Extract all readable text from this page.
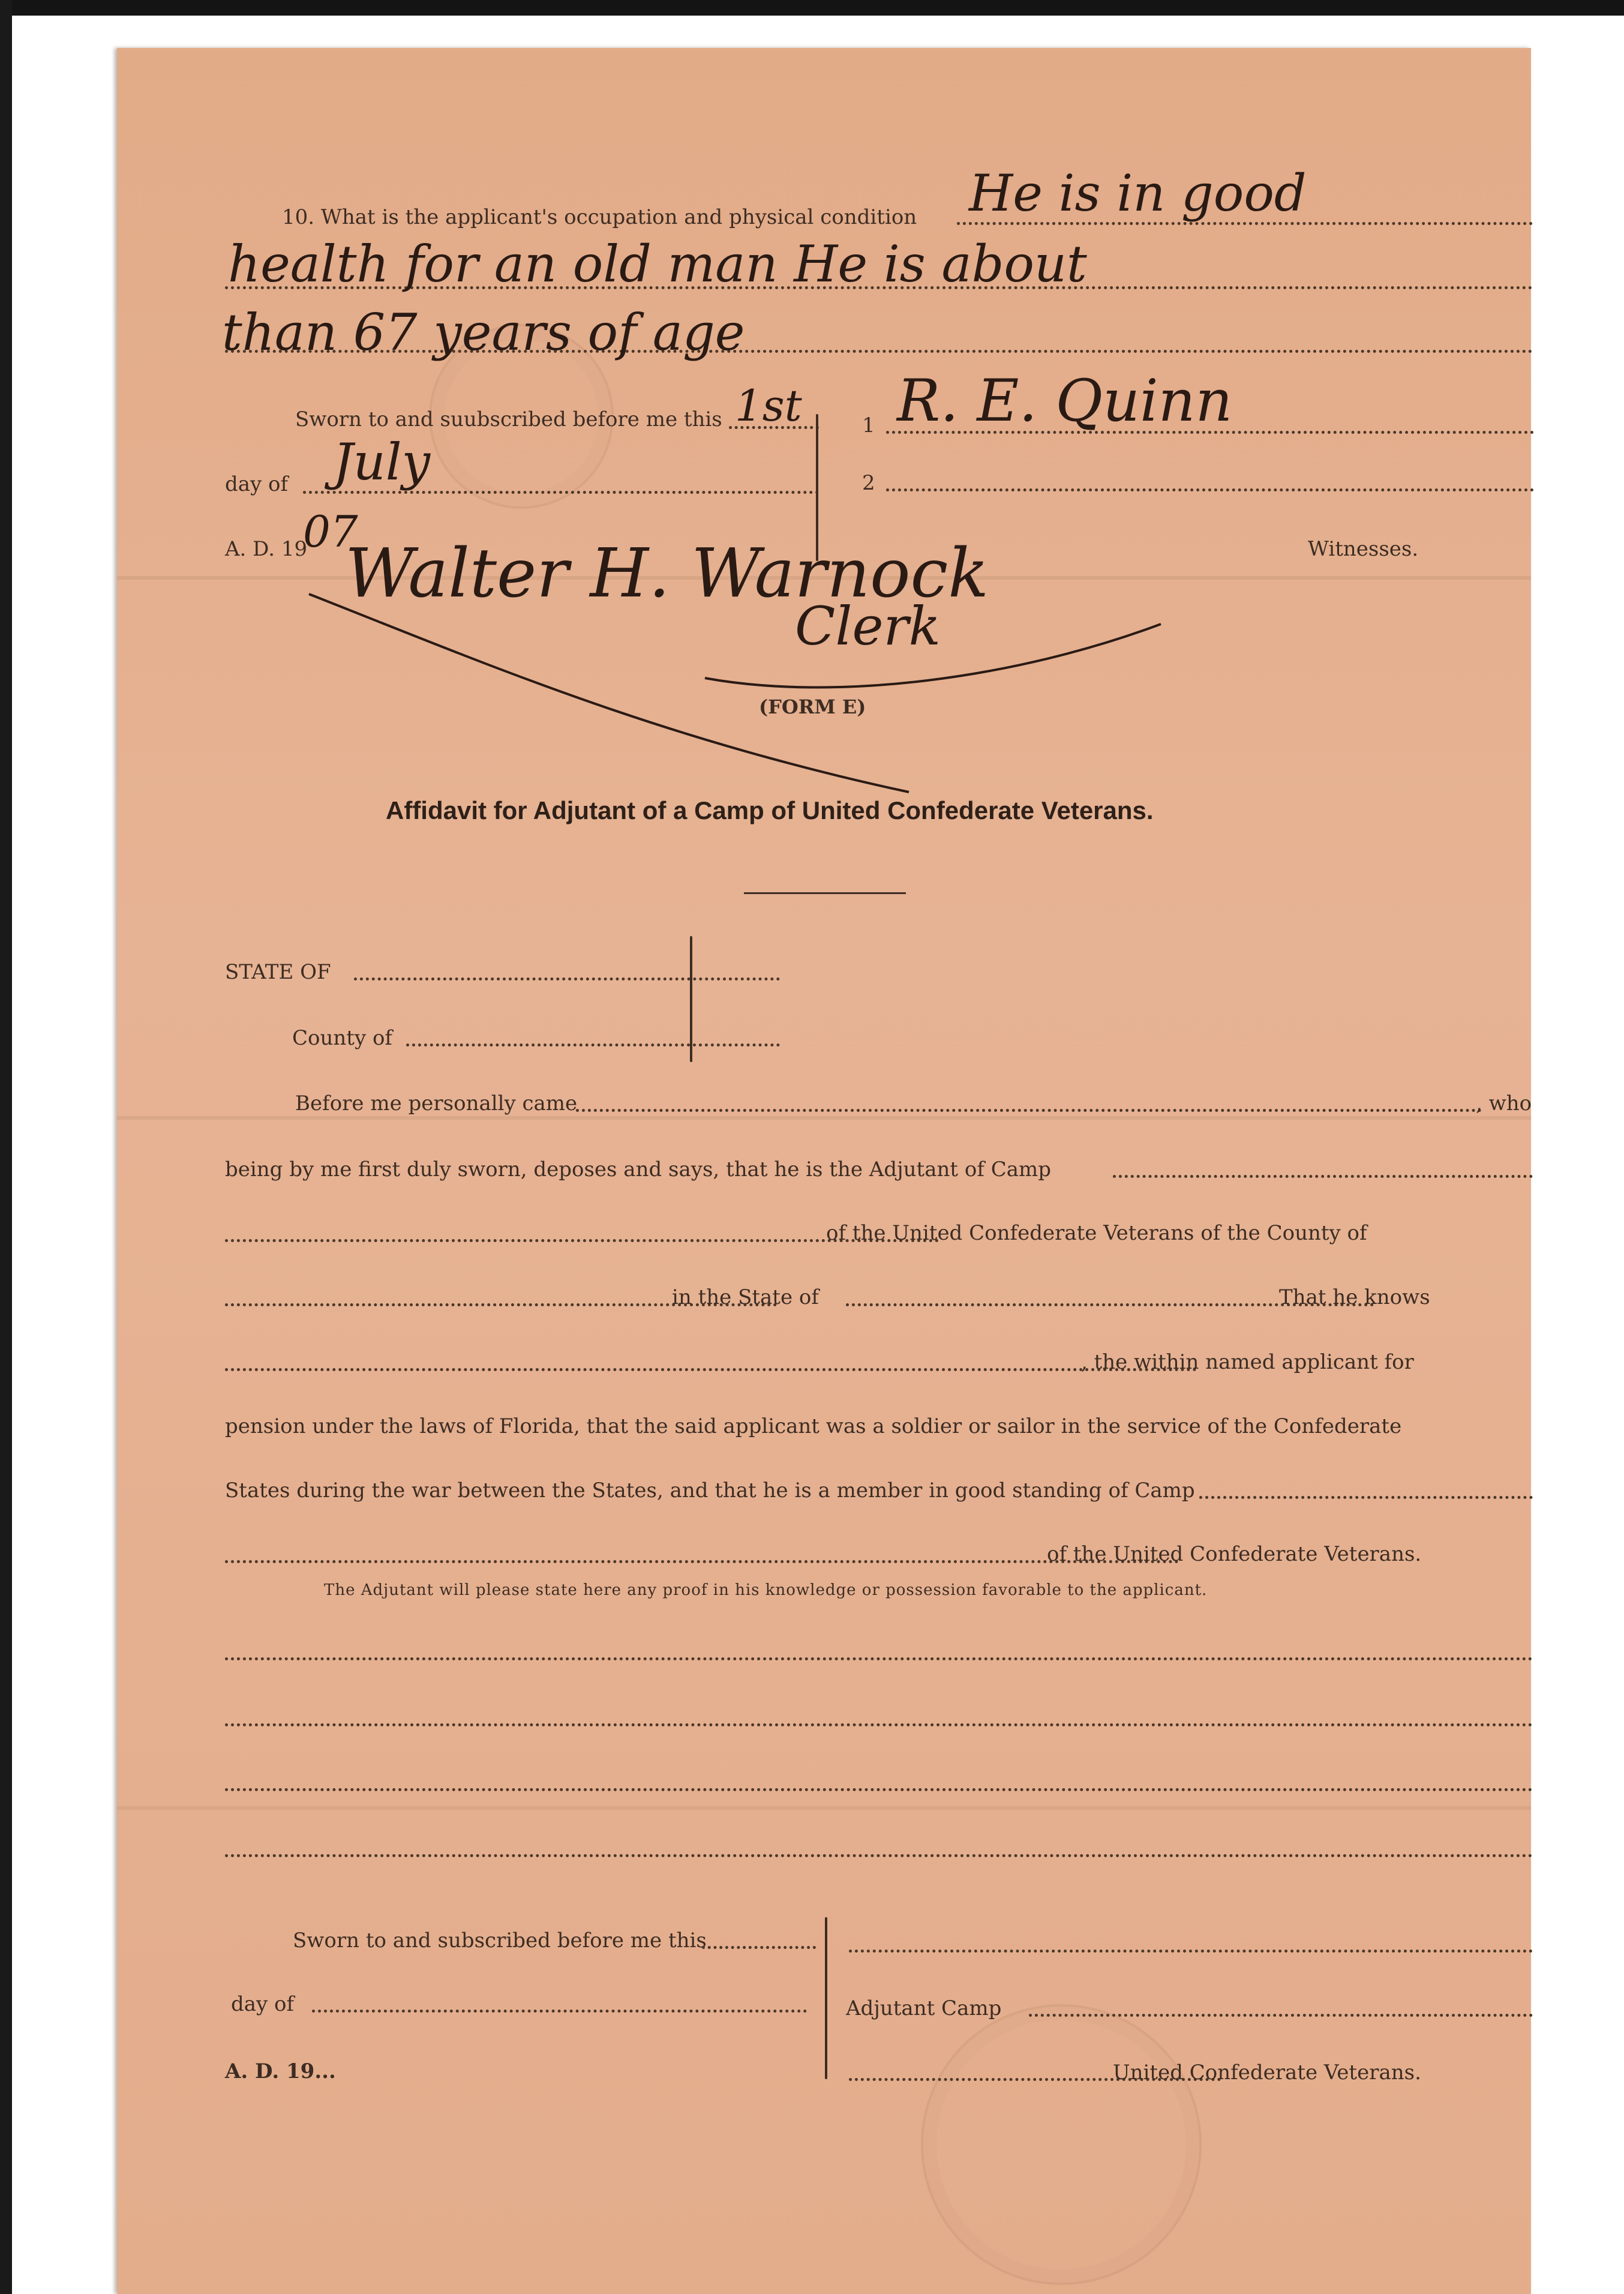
10. What is the applicant's occupation and physical condition He is in good
health for an old man He is about
than 67 years of age
Sworn to and suubscribed before me this 1st
day of July
A. D. 19
07
1 R. E. Quinn
2
Witnesses.
Walter H. Warnock
Clerk
(FORM E)
Affidavit for Adjutant of a Camp of United Confederate Veterans.
STATE OF
County of
Before me personally came	, who
being by me first duly sworn, deposes and says, that he is the Adjutant of Camp
of the United Confederate Veterans of the County of
in the State of	That he knows
, the within named applicant for
pension under the laws of Florida, that the said applicant was a soldier or sailor in the service of the Confederate
States during the war between the States, and that he is a member in good standing of Camp
of the United Confederate Veterans.
The Adjutant will please state here any proof in his knowledge or possession favorable to the applicant.
Sworn to and subscribed before me this
day of
A. D. 19...
Adjutant Camp
United Confederate Veterans.
